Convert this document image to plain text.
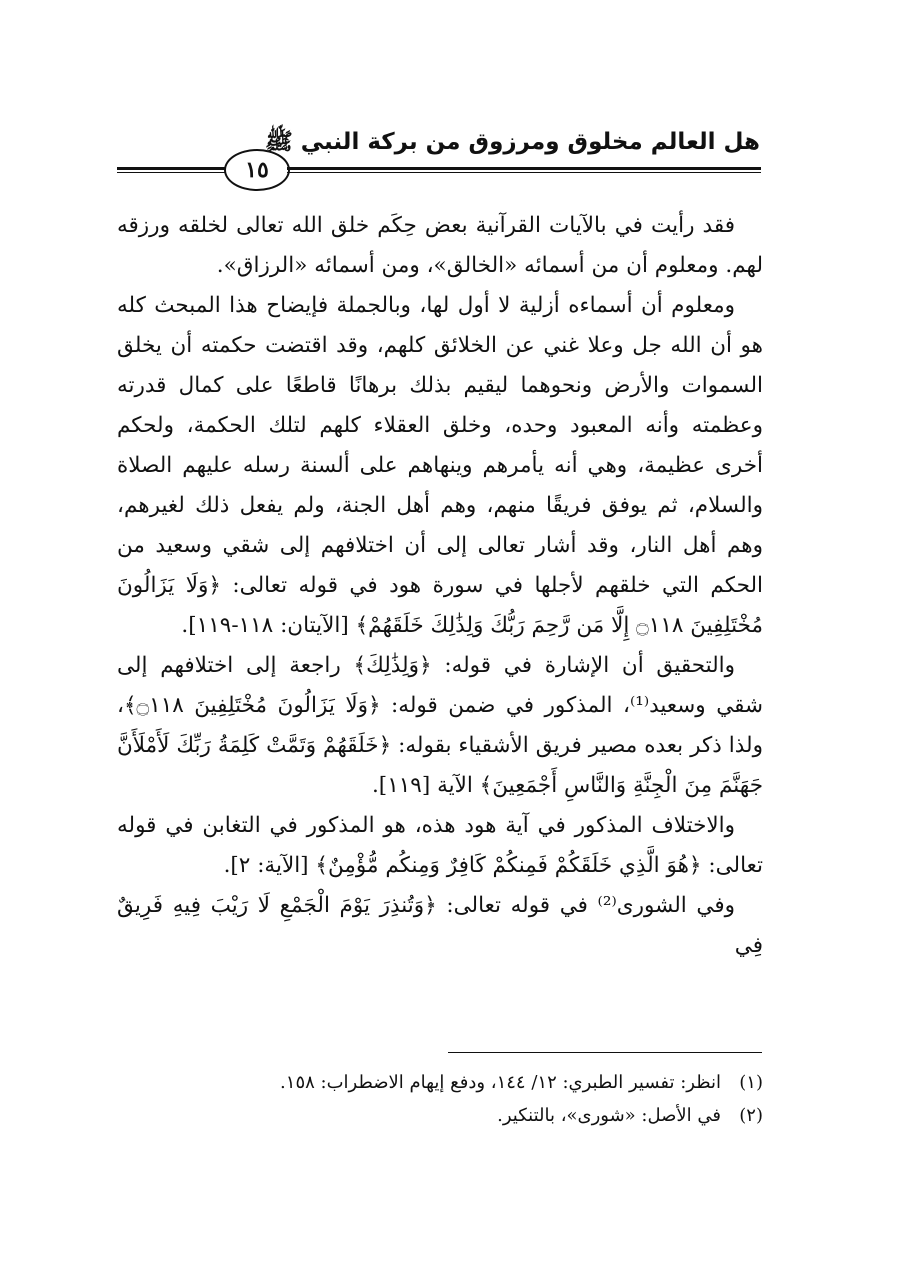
هل العالم مخلوق ومرزوق من بركة النبي ﷺ
١٥

فقد رأيت في بالآيات القرآنية بعض حِكَم خلق الله تعالى لخلقه ورزقه لهم. ومعلوم أن من أسمائه «الخالق»، ومن أسمائه «الرزاق».

ومعلوم أن أسماءه أزلية لا أول لها، وبالجملة فإيضاح هذا المبحث كله هو أن الله جل وعلا غني عن الخلائق كلهم، وقد اقتضت حكمته أن يخلق السموات والأرض ونحوهما ليقيم بذلك برهانًا قاطعًا على كمال قدرته وعظمته وأنه المعبود وحده، وخلق العقلاء كلهم لتلك الحكمة، ولحكم أخرى عظيمة، وهي أنه يأمرهم وينهاهم على ألسنة رسله عليهم الصلاة والسلام، ثم يوفق فريقًا منهم، وهم أهل الجنة، ولم يفعل ذلك لغيرهم، وهم أهل النار، وقد أشار تعالى إلى أن اختلافهم إلى شقي وسعيد من الحكم التي خلقهم لأجلها في سورة هود في قوله تعالى: ﴿وَلَا يَزَالُونَ مُخْتَلِفِينَ ۝١١٨ إِلَّا مَن رَّحِمَ رَبُّكَ وَلِذَٰلِكَ خَلَقَهُمْ﴾ [الآيتان: ١١٨-١١٩].

والتحقيق أن الإشارة في قوله: ﴿وَلِذَٰلِكَ﴾ راجعة إلى اختلافهم إلى شقي وسعيد⁽¹⁾، المذكور في ضمن قوله: ﴿وَلَا يَزَالُونَ مُخْتَلِفِينَ ۝١١٨﴾، ولذا ذكر بعده مصير فريق الأشقياء بقوله: ﴿خَلَقَهُمْ وَتَمَّتْ كَلِمَةُ رَبِّكَ لَأَمْلَأَنَّ جَهَنَّمَ مِنَ الْجِنَّةِ وَالنَّاسِ أَجْمَعِينَ﴾ الآية [١١٩].

والاختلاف المذكور في آية هود هذه، هو المذكور في التغابن في قوله تعالى: ﴿هُوَ الَّذِي خَلَقَكُمْ فَمِنكُمْ كَافِرٌ وَمِنكُم مُّؤْمِنٌ﴾ [الآية: ٢].

وفي الشورى⁽²⁾ في قوله تعالى: ﴿وَتُنذِرَ يَوْمَ الْجَمْعِ لَا رَيْبَ فِيهِ فَرِيقٌ فِي

(١)انظر: تفسير الطبري: ١٢/ ١٤٤، ودفع إيهام الاضطراب: ١٥٨.
(٢)في الأصل: «شورى»، بالتنكير.
